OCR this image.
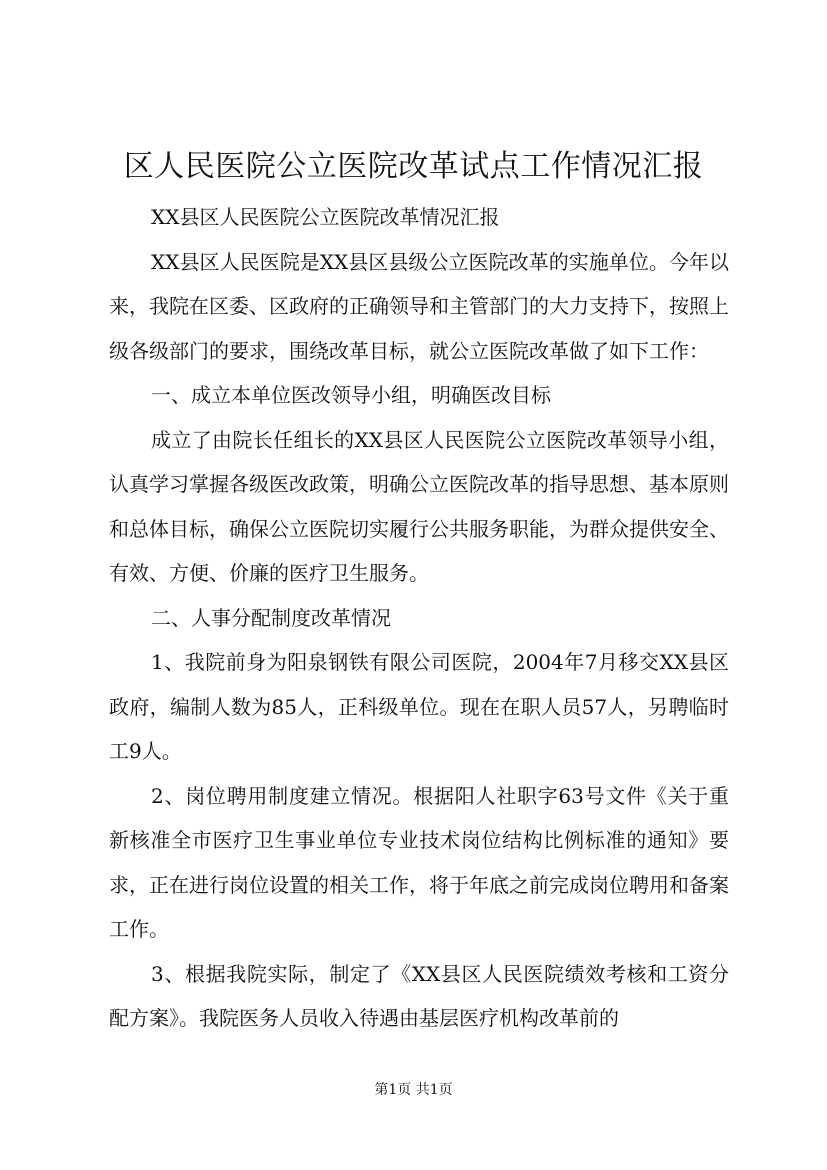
区人民医院公立医院改革试点工作情况汇报

XX县区人民医院公立医院改革情况汇报

XX县区人民医院是XX县区县级公立医院改革的实施单位。今年以来，我院在区委、区政府的正确领导和主管部门的大力支持下，按照上级各级部门的要求，围绕改革目标，就公立医院改革做了如下工作：

一、成立本单位医改领导小组，明确医改目标

成立了由院长任组长的XX县区人民医院公立医院改革领导小组，认真学习掌握各级医改政策，明确公立医院改革的指导思想、基本原则和总体目标，确保公立医院切实履行公共服务职能，为群众提供安全、有效、方便、价廉的医疗卫生服务。

二、人事分配制度改革情况

1、我院前身为阳泉钢铁有限公司医院，2004年7月移交XX县区政府，编制人数为85人，正科级单位。现在在职人员57人，另聘临时工9人。

2、岗位聘用制度建立情况。根据阳人社职字63号文件《关于重新核准全市医疗卫生事业单位专业技术岗位结构比例标准的通知》要求，正在进行岗位设置的相关工作，将于年底之前完成岗位聘用和备案工作。

3、根据我院实际，制定了《XX县区人民医院绩效考核和工资分配方案》。我院医务人员收入待遇由基层医疗机构改革前的

第1页 共1页
